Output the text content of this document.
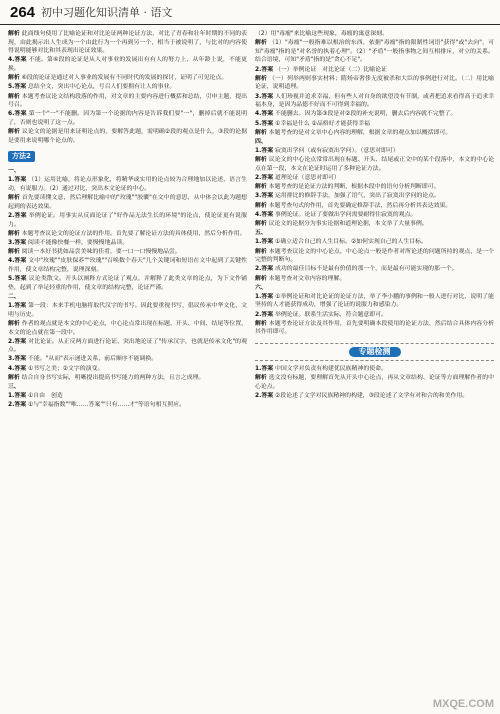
264 初中习题化知识清单 · 语文

解析 此商线句使用了比喻论证和对比论证两种论证方法，对比了青春和壮年时期的不同的表现，由此揭示出人生成为一个由此行为一个再到另一个，相当于被说明了，与比对的内容使得说明能够对比和其表现出论证效果。

4.答案 不能。第⑥段的论证是从人对事业的发展出有有人的努力上，从年龄上说，不能更换。

解析 ⑥段的论证是通过对人事业的发展有不同时代的发展的探讨，证明了可见论点。

5.答案 总结全文，突出中心论点，号召人们要拥有让人的事业。

解析 本题考查议论文结构段落的作用，对文章的主要内容进行概括和总结，引申主题，提出号召。

6.答案 第一个"一"不能删。因为第一个论据的内容是告诉我们要"一"，删掉后就不能说明了，否则也说明了这一点。

解析 议论文的论据是用来证明论点的，要解答此题，需明确②段的观点是什么，③段的论据是要用来说明哪个论点的。

方法2

一、

1.答案 （1）运用比喻，将论点形象化，将精华或实用的论点较为合理地加以论述，语言生动，有说服力。（2）通过对比，突出本文论证的中心。

解析 首先要读懂文意，然后理解比喻中的"玫瑰""胶囊"在文中的意思，从中体会以此为题想起到的表达效果。

2.答案 举例论证。用事实从反面论证了"好作品无法生长的环境"的论点，使论证更有说服力。

解析 本题考查议论文的论证方法的作用。首先要了解论证方法的具体使用，然后分析作用。

3.答案 阅读不能像快餐一样，要慢慢地品读。

解析 阅读一本好书犹如品尝美味的佳肴，要一口一口慢慢地品尝。

4.答案 文中"玫瑰""皮肤保养""玫瑰""召唤数个春天"几个关键词和短语在文中起到了关键性作用，使文章结构完整，说理深刻。

5.答案 议论类散文。开头以阐释方式论证了观点，并解释了此类文章的论点，为下文作铺垫，起到了举足轻重的作用，使文章的结构完整，论证严谨。

二、

1.答案 第一段：本来手机电脑将取代汉字的书写。因此要重视书写，倡议传承中华文化，文明与历史。

解析 作者的观点就是本文的中心论点，中心论点常出现在标题、开头、中间、结尾等位置，本文的论点就在第一段中。

2.答案 对比论证。从正反两方面进行论证，突出地论证了"传承汉字，也就是传承文化"的观点。

3.答案 不能。"从而"表示递进关系，前后顺序不能调换。

4.答案 ①书写之美；②文字的演变。

解析 结合自身书写实际，明晰提出提高书写能力的两种方法，且言之成理。

三、

1.答案 ①自由　创造

2.答案 ①与"幸福指数""唯……答案""只有……才"等语句相互照应。

（2）用"毒瘤"来比喻这些现象，毒瘤的寓意深刻。

解析 （1）"毒瘤"一般指难以根治的东西，依据"毒瘤"指的限制性词语"获得"或"去向"，可知"毒瘤"指的是"对名誉的执着心理"。（2）"矛盾"一般指事物之间互相排斥，对立的关系。结合语境，可知"矛盾"指的是"贪心不足"。

2.答案 （一）举例论证　对比论证（二）比喻论证

解析 （一）列举两则事实材料；隋炀帝奢侈无度被杀和大臣的事例进行对比。（二）用比喻论证，说明道理。

3.答案 人们珍视并追求幸福，但有些人对自身的欲望没有节制，或者把追求看得高于追求幸福本身，是因为品德不好而不可得到幸福的。

4.答案 不能删去。因为第③段是对②段的补充说明，删去后内容就不完整了。

5.答案 ①幸福是什么 ②品格好才能获得幸福

解析 本题考查的是对文章中心内容的理解，根据文章的观点加以概括即可。

四、

1.答案 寂寞出学问（或有寂寞出学问）。（意思对即可）

解析 议论文的中心论点常常出现在标题、开头、结尾或正文中的某个段落中，本文的中心论点在第一段，本文在论证时运用了多种论证方法。

2.答案 道理论证（意思对即可）

解析 本题考查的是论证方法的判断，根据本段中的语句分析判断即可。

3.答案 运用排比的修辞手法，加强了语气，突出了寂寞出学问的论点。

解析 本题考查句式的作用，首先要确定修辞手法，然后再分析其表达效果。

4.答案 事例论证。论证了要做出学问需要耐得住寂寞的观点。

解析 议论文的论据分为事实论据和道理论据，本文举了大量事例。

五、

1.答案 ①确立适合自己的人生目标。②如何实现自己的人生目标。

解析 本题考查议论文的中心论点，中心论点一般是作者对所论述的问题所持的观点，是一个完整的判断句。

2.答案 成功的最佳目标不是最有价值的那一个，而是最有可能实现的那一个。

解析 本题考查对文章内容的理解。

六、

1.答案 ①举例论证和对比论证的论证方法，举了李小鹏的事例和一般人进行对比，说明了能坚持的人才能获得成功，增强了论证的说服力和感染力。

2.答案 举例论证。联系生活实际，符合题意即可。

解析 本题考查论证方法及其作用，首先要明确本段使用的论证方法，然后结合具体内容分析其作用即可。

专题检测

1.答案 中国文学对负责有构建优民族精神的使命。

解析 选文没有标题，要理解首先从开头中心论点，再从文章结构、论证等方面理解作者的中心论点。

2.答案 ②段论述了文学对民族精神的构建，③段论述了文学有对和合的和美作用。

MXQE.COM
